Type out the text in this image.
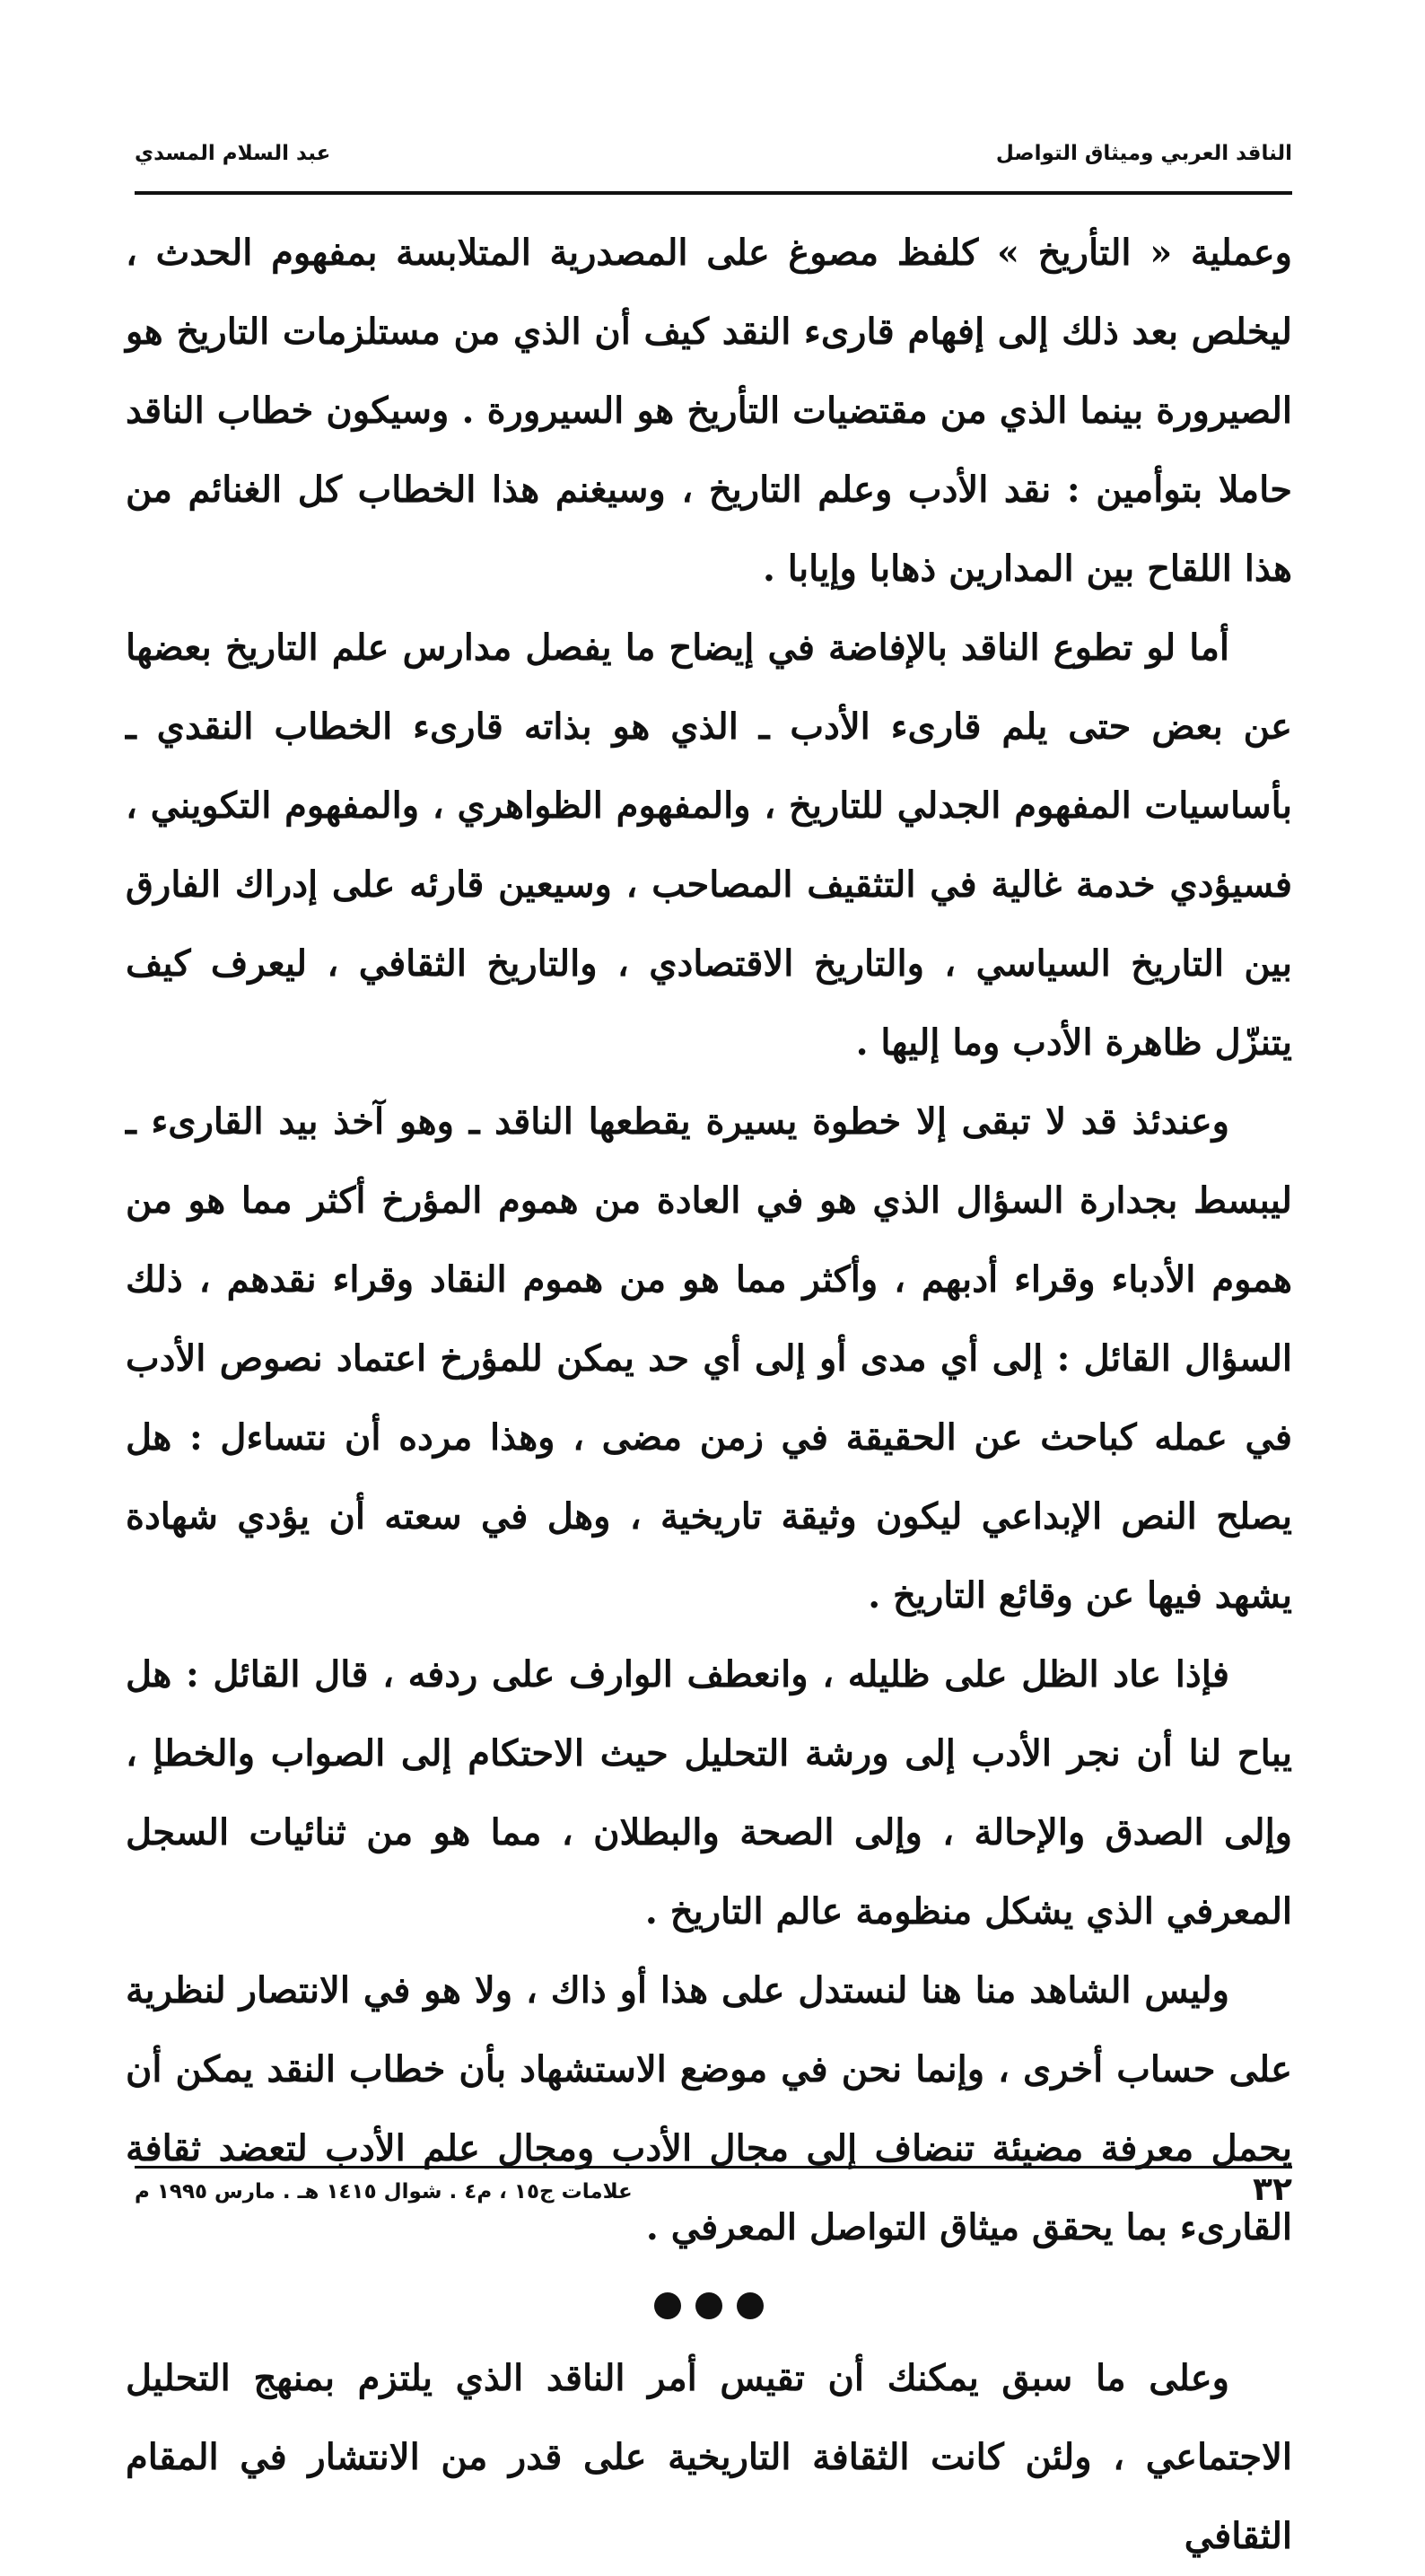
الناقد العربي وميثاق التواصل
عبد السلام المسدي

وعملية « التأريخ » كلفظ مصوغ على المصدرية المتلابسة بمفهوم الحدث ، ليخلص بعد ذلك إلى إفهام قارىء النقد كيف أن الذي من مستلزمات التاريخ هو الصيرورة بينما الذي من مقتضيات التأريخ هو السيرورة . وسيكون خطاب الناقد حاملا بتوأمين : نقد الأدب وعلم التاريخ ، وسيغنم هذا الخطاب كل الغنائم من هذا اللقاح بين المدارين ذهابا وإيابا .

أما لو تطوع الناقد بالإفاضة في إيضاح ما يفصل مدارس علم التاريخ بعضها عن بعض حتى يلم قارىء الأدب ـ الذي هو بذاته قارىء الخطاب النقدي ـ بأساسيات المفهوم الجدلي للتاريخ ، والمفهوم الظواهري ، والمفهوم التكويني ، فسيؤدي خدمة غالية في التثقيف المصاحب ، وسيعين قارئه على إدراك الفارق بين التاريخ السياسي ، والتاريخ الاقتصادي ، والتاريخ الثقافي ، ليعرف كيف يتنزّل ظاهرة الأدب وما إليها .

وعندئذ قد لا تبقى إلا خطوة يسيرة يقطعها الناقد ـ وهو آخذ بيد القارىء ـ ليبسط بجدارة السؤال الذي هو في العادة من هموم المؤرخ أكثر مما هو من هموم الأدباء وقراء أدبهم ، وأكثر مما هو من هموم النقاد وقراء نقدهم ، ذلك السؤال القائل : إلى أي مدى أو إلى أي حد يمكن للمؤرخ اعتماد نصوص الأدب في عمله كباحث عن الحقيقة في زمن مضى ، وهذا مرده أن نتساءل : هل يصلح النص الإبداعي ليكون وثيقة تاريخية ، وهل في سعته أن يؤدي شهادة يشهد فيها عن وقائع التاريخ .

فإذا عاد الظل على ظليله ، وانعطف الوارف على ردفه ، قال القائل : هل يباح لنا أن نجر الأدب إلى ورشة التحليل حيث الاحتكام إلى الصواب والخطإ ، وإلى الصدق والإحالة ، وإلى الصحة والبطلان ، مما هو من ثنائيات السجل المعرفي الذي يشكل منظومة عالم التاريخ .

وليس الشاهد منا هنا لنستدل على هذا أو ذاك ، ولا هو في الانتصار لنظرية على حساب أخرى ، وإنما نحن في موضع الاستشهاد بأن خطاب النقد يمكن أن يحمل معرفة مضيئة تنضاف إلى مجال الأدب ومجال علم الأدب لتعضد ثقافة القارىء بما يحقق ميثاق التواصل المعرفي .

وعلى ما سبق يمكنك أن تقيس أمر الناقد الذي يلتزم بمنهج التحليل الاجتماعي ، ولئن كانت الثقافة التاريخية على قدر من الانتشار في المقام الثقافي

٣٢
علامات ج١٥ ، م٤ . شوال ١٤١٥ هـ . مارس ١٩٩٥ م
